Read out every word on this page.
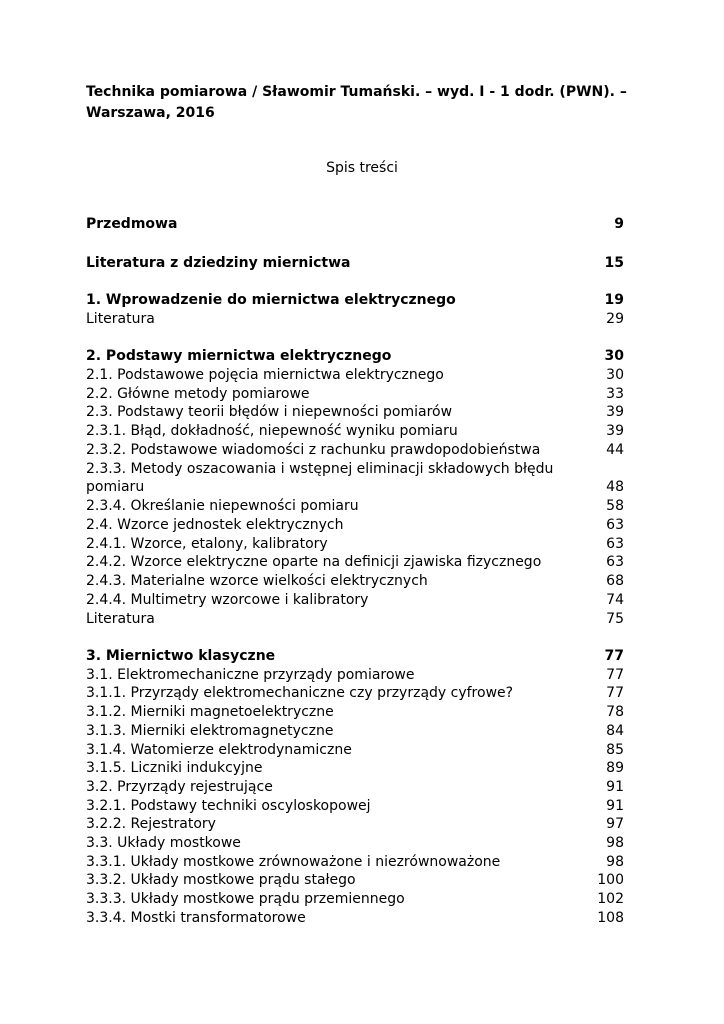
Technika pomiarowa / Sławomir Tumański. – wyd. I - 1 dodr. (PWN). –
Warszawa, 2016
Spis treści
Przedmowa	9
Literatura z dziedziny miernictwa	15
1. Wprowadzenie do miernictwa elektrycznego	19
Literatura	29
2. Podstawy miernictwa elektrycznego	30
2.1. Podstawowe pojęcia miernictwa elektrycznego	30
2.2. Główne metody pomiarowe	33
2.3. Podstawy teorii błędów i niepewności pomiarów	39
2.3.1. Błąd, dokładność, niepewność wyniku pomiaru	39
2.3.2. Podstawowe wiadomości z rachunku prawdopodobieństwa	44
2.3.3. Metody oszacowania i wstępnej eliminacji składowych błędu
pomiaru	48
2.3.4. Określanie niepewności pomiaru	58
2.4. Wzorce jednostek elektrycznych	63
2.4.1. Wzorce, etalony, kalibratory	63
2.4.2. Wzorce elektryczne oparte na definicji zjawiska fizycznego	63
2.4.3. Materialne wzorce wielkości elektrycznych	68
2.4.4. Multimetry wzorcowe i kalibratory	74
Literatura	75
3. Miernictwo klasyczne	77
3.1. Elektromechaniczne przyrządy pomiarowe	77
3.1.1. Przyrządy elektromechaniczne czy przyrządy cyfrowe?	77
3.1.2. Mierniki magnetoelektryczne	78
3.1.3. Mierniki elektromagnetyczne	84
3.1.4. Watomierze elektrodynamiczne	85
3.1.5. Liczniki indukcyjne	89
3.2. Przyrządy rejestrujące	91
3.2.1. Podstawy techniki oscyloskopowej	91
3.2.2. Rejestratory	97
3.3. Układy mostkowe	98
3.3.1. Układy mostkowe zrównoważone i niezrównoważone	98
3.3.2. Układy mostkowe prądu stałego	100
3.3.3. Układy mostkowe prądu przemiennego	102
3.3.4. Mostki transformatorowe	108
